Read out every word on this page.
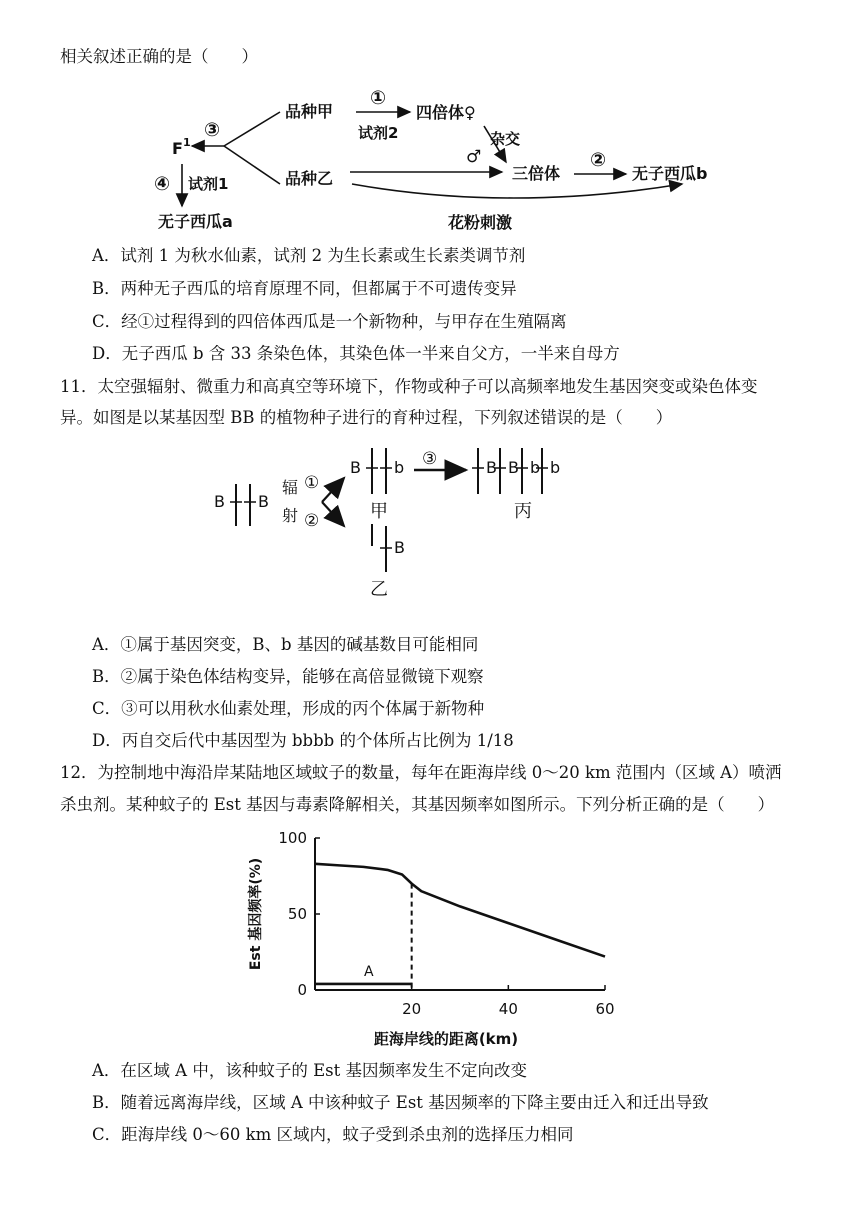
相关叙述正确的是（　　）
③
①
品种甲
品种乙
$F^1$
④ 试剂1
无子西瓜a
试剂2
四倍体♀
杂交
♂
三倍体
②
无子西瓜b
花粉刺激
A．试剂 1 为秋水仙素，试剂 2 为生长素或生长素类调节剂
B．两种无子西瓜的培育原理不同，但都属于不可遗传变异
C．经①过程得到的四倍体西瓜是一个新物种，与甲存在生殖隔离
D．无子西瓜 b 含 33 条染色体，其染色体一半来自父方，一半来自母方
11．太空强辐射、微重力和高真空等环境下，作物或种子可以高频率地发生基因突变或染色体变
异。如图是以某基因型 BB 的植物种子进行的育种过程，下列叙述错误的是（　　）
B B
辐
射
①
②
B b
B
甲
乙
③	B B b b
丙
A．①属于基因突变，B、b 基因的碱基数目可能相同
B．②属于染色体结构变异，能够在高倍显微镜下观察
C．③可以用秋水仙素处理，形成的丙个体属于新物种
D．丙自交后代中基因型为 bbbb 的个体所占比例为 1/18
12．为控制地中海沿岸某陆地区域蚊子的数量，每年在距海岸线 0～20 km 范围内（区域 A）喷洒
杀虫剂。某种蚊子的 Est 基因与毒素降解相关，其基因频率如图所示。下列分析正确的是（　　）
0
50
100
20	40	60
Est 基因频率(%)
距海岸线的距离(km)
A
A．在区域 A 中，该种蚊子的 Est 基因频率发生不定向改变
B．随着远离海岸线，区域 A 中该种蚊子 Est 基因频率的下降主要由迁入和迁出导致
C．距海岸线 0～60 km 区域内，蚊子受到杀虫剂的选择压力相同
